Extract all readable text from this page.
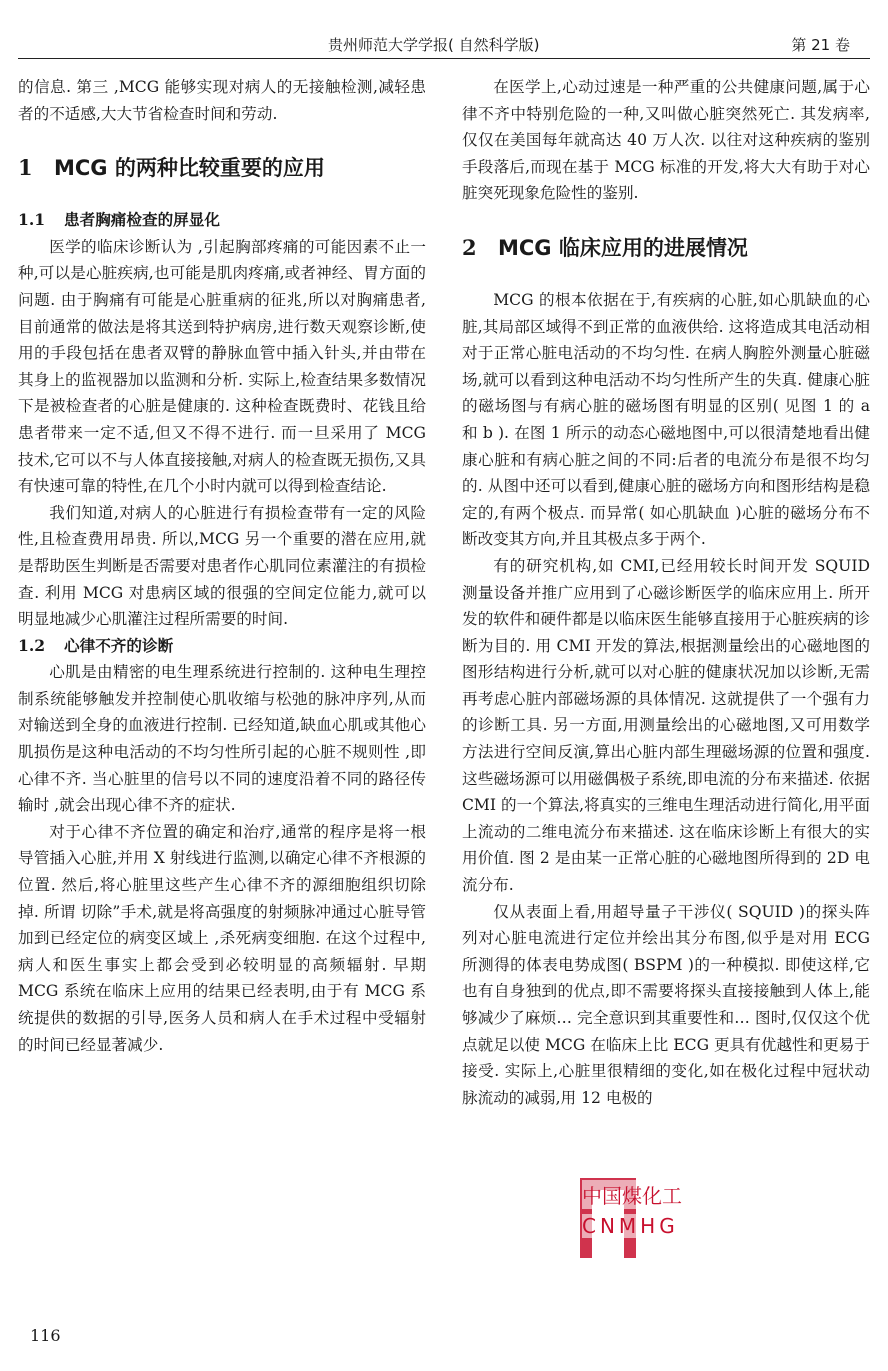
贵州师范大学学报( 自然科学版)	第 21 卷

的信息. 第三 ,MCG 能够实现对病人的无接触检测,减轻患者的不适感,大大节省检查时间和劳动.

1 MCG 的两种比较重要的应用
1.1 患者胸痛检查的屏显化

医学的临床诊断认为 ,引起胸部疼痛的可能因素不止一种,可以是心脏疾病,也可能是肌肉疼痛,或者神经、胃方面的问题. 由于胸痛有可能是心脏重病的征兆,所以对胸痛患者,目前通常的做法是将其送到特护病房,进行数天观察诊断,使用的手段包括在患者双臂的静脉血管中插入针头,并由带在其身上的监视器加以监测和分析. 实际上,检查结果多数情况下是被检查者的心脏是健康的. 这种检查既费时、花钱且给患者带来一定不适,但又不得不进行. 而一旦采用了 MCG 技术,它可以不与人体直接接触,对病人的检查既无损伤,又具有快速可靠的特性,在几个小时内就可以得到检查结论.

我们知道,对病人的心脏进行有损检查带有一定的风险性,且检查费用昂贵. 所以,MCG 另一个重要的潜在应用,就是帮助医生判断是否需要对患者作心肌同位素灌注的有损检查. 利用 MCG 对患病区域的很强的空间定位能力,就可以明显地减少心肌灌注过程所需要的时间.

1.2 心律不齐的诊断

心肌是由精密的电生理系统进行控制的. 这种电生理控制系统能够触发并控制使心肌收缩与松弛的脉冲序列,从而对输送到全身的血液进行控制. 已经知道,缺血心肌或其他心肌损伤是这种电活动的不均匀性所引起的心脏不规则性 ,即心律不齐. 当心脏里的信号以不同的速度沿着不同的路径传输时 ,就会出现心律不齐的症状.

对于心律不齐位置的确定和治疗,通常的程序是将一根导管插入心脏,并用 X 射线进行监测,以确定心律不齐根源的位置. 然后,将心脏里这些产生心律不齐的源细胞组织切除掉. 所谓 切除”手术,就是将高强度的射频脉冲通过心脏导管加到已经定位的病变区域上 ,杀死病变细胞. 在这个过程中,病人和医生事实上都会受到必较明显的高频辐射. 早期 MCG 系统在临床上应用的结果已经表明,由于有 MCG 系统提供的数据的引导,医务人员和病人在手术过程中受辐射的时间已经显著减少.

在医学上,心动过速是一种严重的公共健康问题,属于心律不齐中特别危险的一种,又叫做心脏突然死亡. 其发病率,仅仅在美国每年就高达 40 万人次. 以往对这种疾病的鉴别手段落后,而现在基于 MCG 标准的开发,将大大有助于对心脏突死现象危险性的鉴别.

2 MCG 临床应用的进展情况

MCG 的根本依据在于,有疾病的心脏,如心肌缺血的心脏,其局部区域得不到正常的血液供给. 这将造成其电活动相对于正常心脏电活动的不均匀性. 在病人胸腔外测量心脏磁场,就可以看到这种电活动不均匀性所产生的失真. 健康心脏的磁场图与有病心脏的磁场图有明显的区别( 见图 1 的 a 和 b ). 在图 1 所示的动态心磁地图中,可以很清楚地看出健康心脏和有病心脏之间的不同:后者的电流分布是很不均匀的. 从图中还可以看到,健康心脏的磁场方向和图形结构是稳定的,有两个极点. 而异常( 如心肌缺血 )心脏的磁场分布不断改变其方向,并且其极点多于两个.

有的研究机构,如 CMI,已经用较长时间开发 SQUID 测量设备并推广应用到了心磁诊断医学的临床应用上. 所开发的软件和硬件都是以临床医生能够直接用于心脏疾病的诊断为目的. 用 CMI 开发的算法,根据测量绘出的心磁地图的图形结构进行分析,就可以对心脏的健康状况加以诊断,无需再考虑心脏内部磁场源的具体情况. 这就提供了一个强有力的诊断工具. 另一方面,用测量绘出的心磁地图,又可用数学方法进行空间反演,算出心脏内部生理磁场源的位置和强度. 这些磁场源可以用磁偶极子系统,即电流的分布来描述. 依据 CMI 的一个算法,将真实的三维电生理活动进行简化,用平面上流动的二维电流分布来描述. 这在临床诊断上有很大的实用价值. 图 2 是由某一正常心脏的心磁地图所得到的 2D 电流分布.

仅从表面上看,用超导量子干涉仪( SQUID )的探头阵列对心脏电流进行定位并绘出其分布图,似乎是对用 ECG 所测得的体表电势成图( BSPM )的一种模拟. 即使这样,它也有自身独到的优点,即不需要将探头直接接触到人体上,能够减少了麻烦… 完全意识到其重要性和… 图时,仅仅这个优点就足以使 MCG 在临床上比 ECG 更具有优越性和更易于接受. 实际上,心脏里很精细的变化,如在极化过程中冠状动脉流动的减弱,用 12 电极的

中国煤化工
CNMHG
116
